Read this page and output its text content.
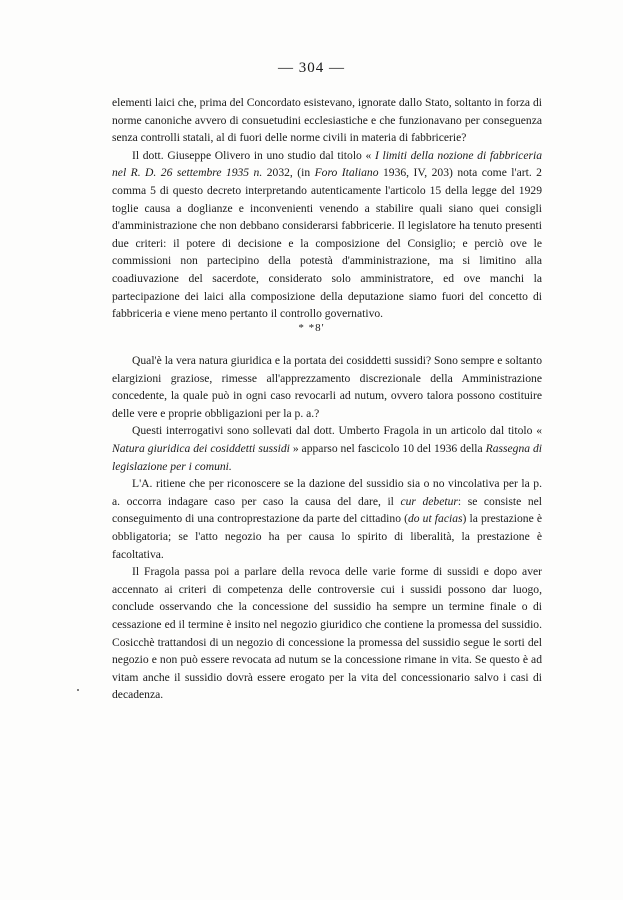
— 304 —

elementi laici che, prima del Concordato esistevano, ignorate dallo Stato, soltanto in forza di norme canoniche avvero di consuetudini ecclesiastiche e che funzionavano per conseguenza senza controlli statali, al di fuori delle norme civili in materia di fabbricerie?

Il dott. Giuseppe Olivero in uno studio dal titolo « I limiti della nozione di fabbriceria nel R. D. 26 settembre 1935 n. 2032, (in Foro Italiano 1936, IV, 203) nota come l'art. 2 comma 5 di questo decreto interpretando autenticamente l'articolo 15 della legge del 1929 toglie causa a doglianze e inconvenienti venendo a stabilire quali siano quei consigli d'amministrazione che non debbano considerarsi fabbricerie. Il legislatore ha tenuto presenti due criteri: il potere di decisione e la composizione del Consiglio; e perciò ove le commissioni non partecipino della potestà d'amministrazione, ma si limitino alla coadiuvazione del sacerdote, considerato solo amministratore, ed ove manchi la partecipazione dei laici alla composizione della deputazione siamo fuori del concetto di fabbriceria e viene meno pertanto il controllo governativo.

* *8'

Qual'è la vera natura giuridica e la portata dei cosiddetti sussidi? Sono sempre e soltanto elargizioni graziose, rimesse all'apprezzamento discrezionale della Amministrazione concedente, la quale può in ogni caso revocarli ad nutum, ovvero talora possono costituire delle vere e proprie obbligazioni per la p. a.?

Questi interrogativi sono sollevati dal dott. Umberto Fragola in un articolo dal titolo « Natura giuridica dei cosiddetti sussidi » apparso nel fascicolo 10 del 1936 della Rassegna di legislazione per i comuni.

L'A. ritiene che per riconoscere se la dazione del sussidio sia o no vincolativa per la p. a. occorra indagare caso per caso la causa del dare, il cur debetur: se consiste nel conseguimento di una controprestazione da parte del cittadino (do ut facias) la prestazione è obbligatoria; se l'atto negozio ha per causa lo spirito di liberalità, la prestazione è facoltativa.

Il Fragola passa poi a parlare della revoca delle varie forme di sussidi e dopo aver accennato ai criteri di competenza delle controversie cui i sussidi possono dar luogo, conclude osservando che la concessione del sussidio ha sempre un termine finale o di cessazione ed il termine è insito nel negozio giuridico che contiene la promessa del sussidio. Cosicchè trattandosi di un negozio di concessione la promessa del sussidio segue le sorti del negozio e non può essere revocata ad nutum se la concessione rimane in vita. Se questo è ad vitam anche il sussidio dovrà essere erogato per la vita del concessionario salvo i casi di decadenza.
